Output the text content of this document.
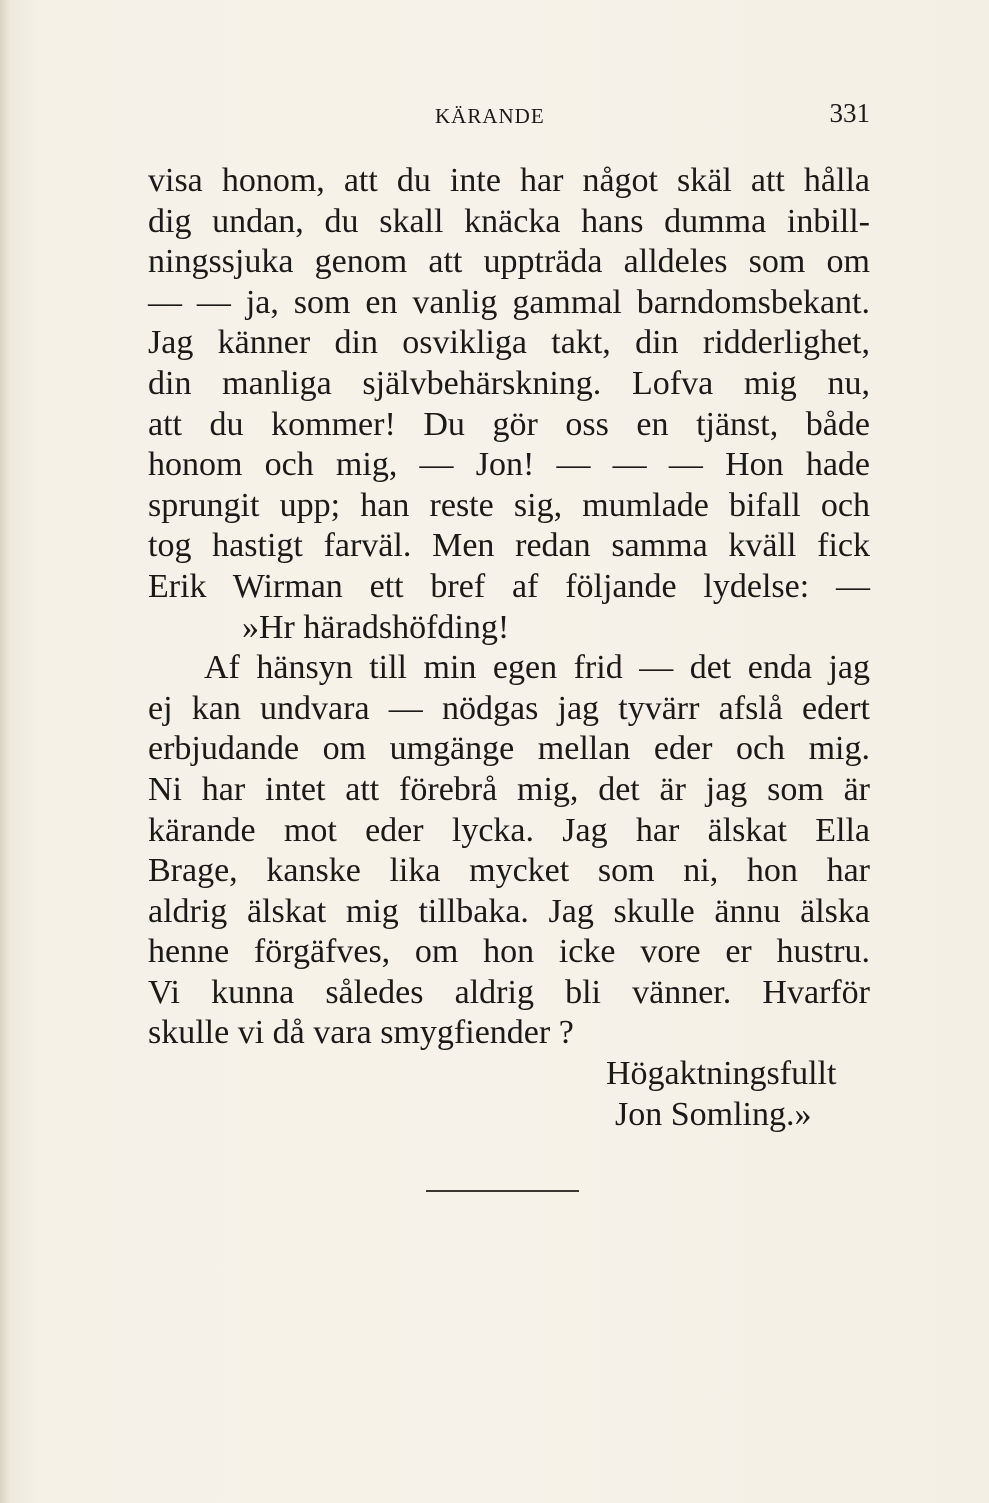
KÄRANDE	331
visa honom, att du inte har något skäl att hålla
dig undan, du skall knäcka hans dumma inbill-
ningssjuka genom att uppträda alldeles som om
— — ja, som en vanlig gammal barndomsbekant.
Jag känner din osvikliga takt, din ridderlighet,
din manliga självbehärskning. Lofva mig nu,
att du kommer! Du gör oss en tjänst, både
honom och mig, — Jon! — — — Hon hade
sprungit upp; han reste sig, mumlade bifall och
tog hastigt farväl. Men redan samma kväll fick
Erik Wirman ett bref af följande lydelse: —
»Hr häradshöfding!
Af hänsyn till min egen frid — det enda jag
ej kan undvara — nödgas jag tyvärr afslå edert
erbjudande om umgänge mellan eder och mig.
Ni har intet att förebrå mig, det är jag som är
kärande mot eder lycka. Jag har älskat Ella
Brage, kanske lika mycket som ni, hon har
aldrig älskat mig tillbaka. Jag skulle ännu älska
henne förgäfves, om hon icke vore er hustru.
Vi kunna således aldrig bli vänner. Hvarför
skulle vi då vara smygfiender ?
Högaktningsfullt
Jon Somling.»
